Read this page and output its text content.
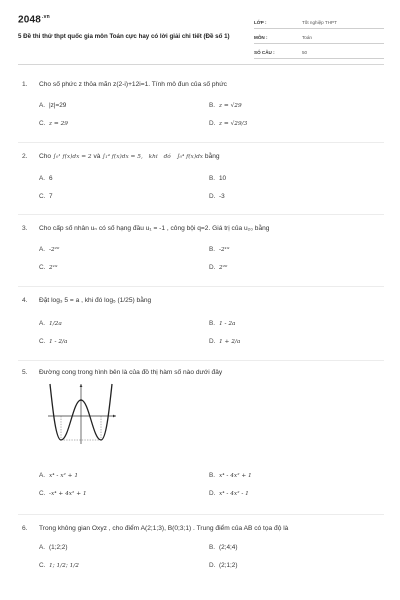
$2048^{.vn}$
5 Đề thi thử thpt quốc gia môn Toán cực hay có lời giải chi tiết (Đề số 1)
LỚP :	Tốt nghiệp THPT
MÔN :	Toán
SỐ CÂU :	50
1.	Cho số phức z thỏa mãn z(2-i)+12i=1. Tính mô đun của số phức
A. |z|=29	B. z = √29
C. z = 29	D. z = √29/3
2.	Cho ∫₀¹ f(x)dx = 2 và ∫₁⁴ f(x)dx = 5, khi đó ∫₀⁴ f(x)dx bằng
A. 6	B. 10
C. 7	D. -3
3.	Cho cấp số nhân uₙ có số hạng đầu u₁ = -1 , công bội q=2. Giá trị của u₂₀ bằng
A. -2²⁰	B. -2¹⁹
C. 2¹⁹	D. 2²⁰
4.	Đặt log₃ 5 = a , khi đó log₅ (1/25) bằng
A. 1/2a	B. 1 - 2a
C. 1 - 2/a	D. 1 + 2/a
5.	Đường cong trong hình bên là của đồ thị hàm số nào dưới đây
A. x⁴ - x² + 1	B. x⁴ - 4x² + 1
C. -x⁴ + 4x² + 1	D. x⁴ - 4x² - 1
6.	Trong không gian Oxyz , cho điểm A(2;1;3), B(0;3;1) . Trung điểm của AB có tọa độ là
A. (1;2;2)	B. (2;4;4)
C. 1; 1/2; 1/2	D. (2;1;2)
